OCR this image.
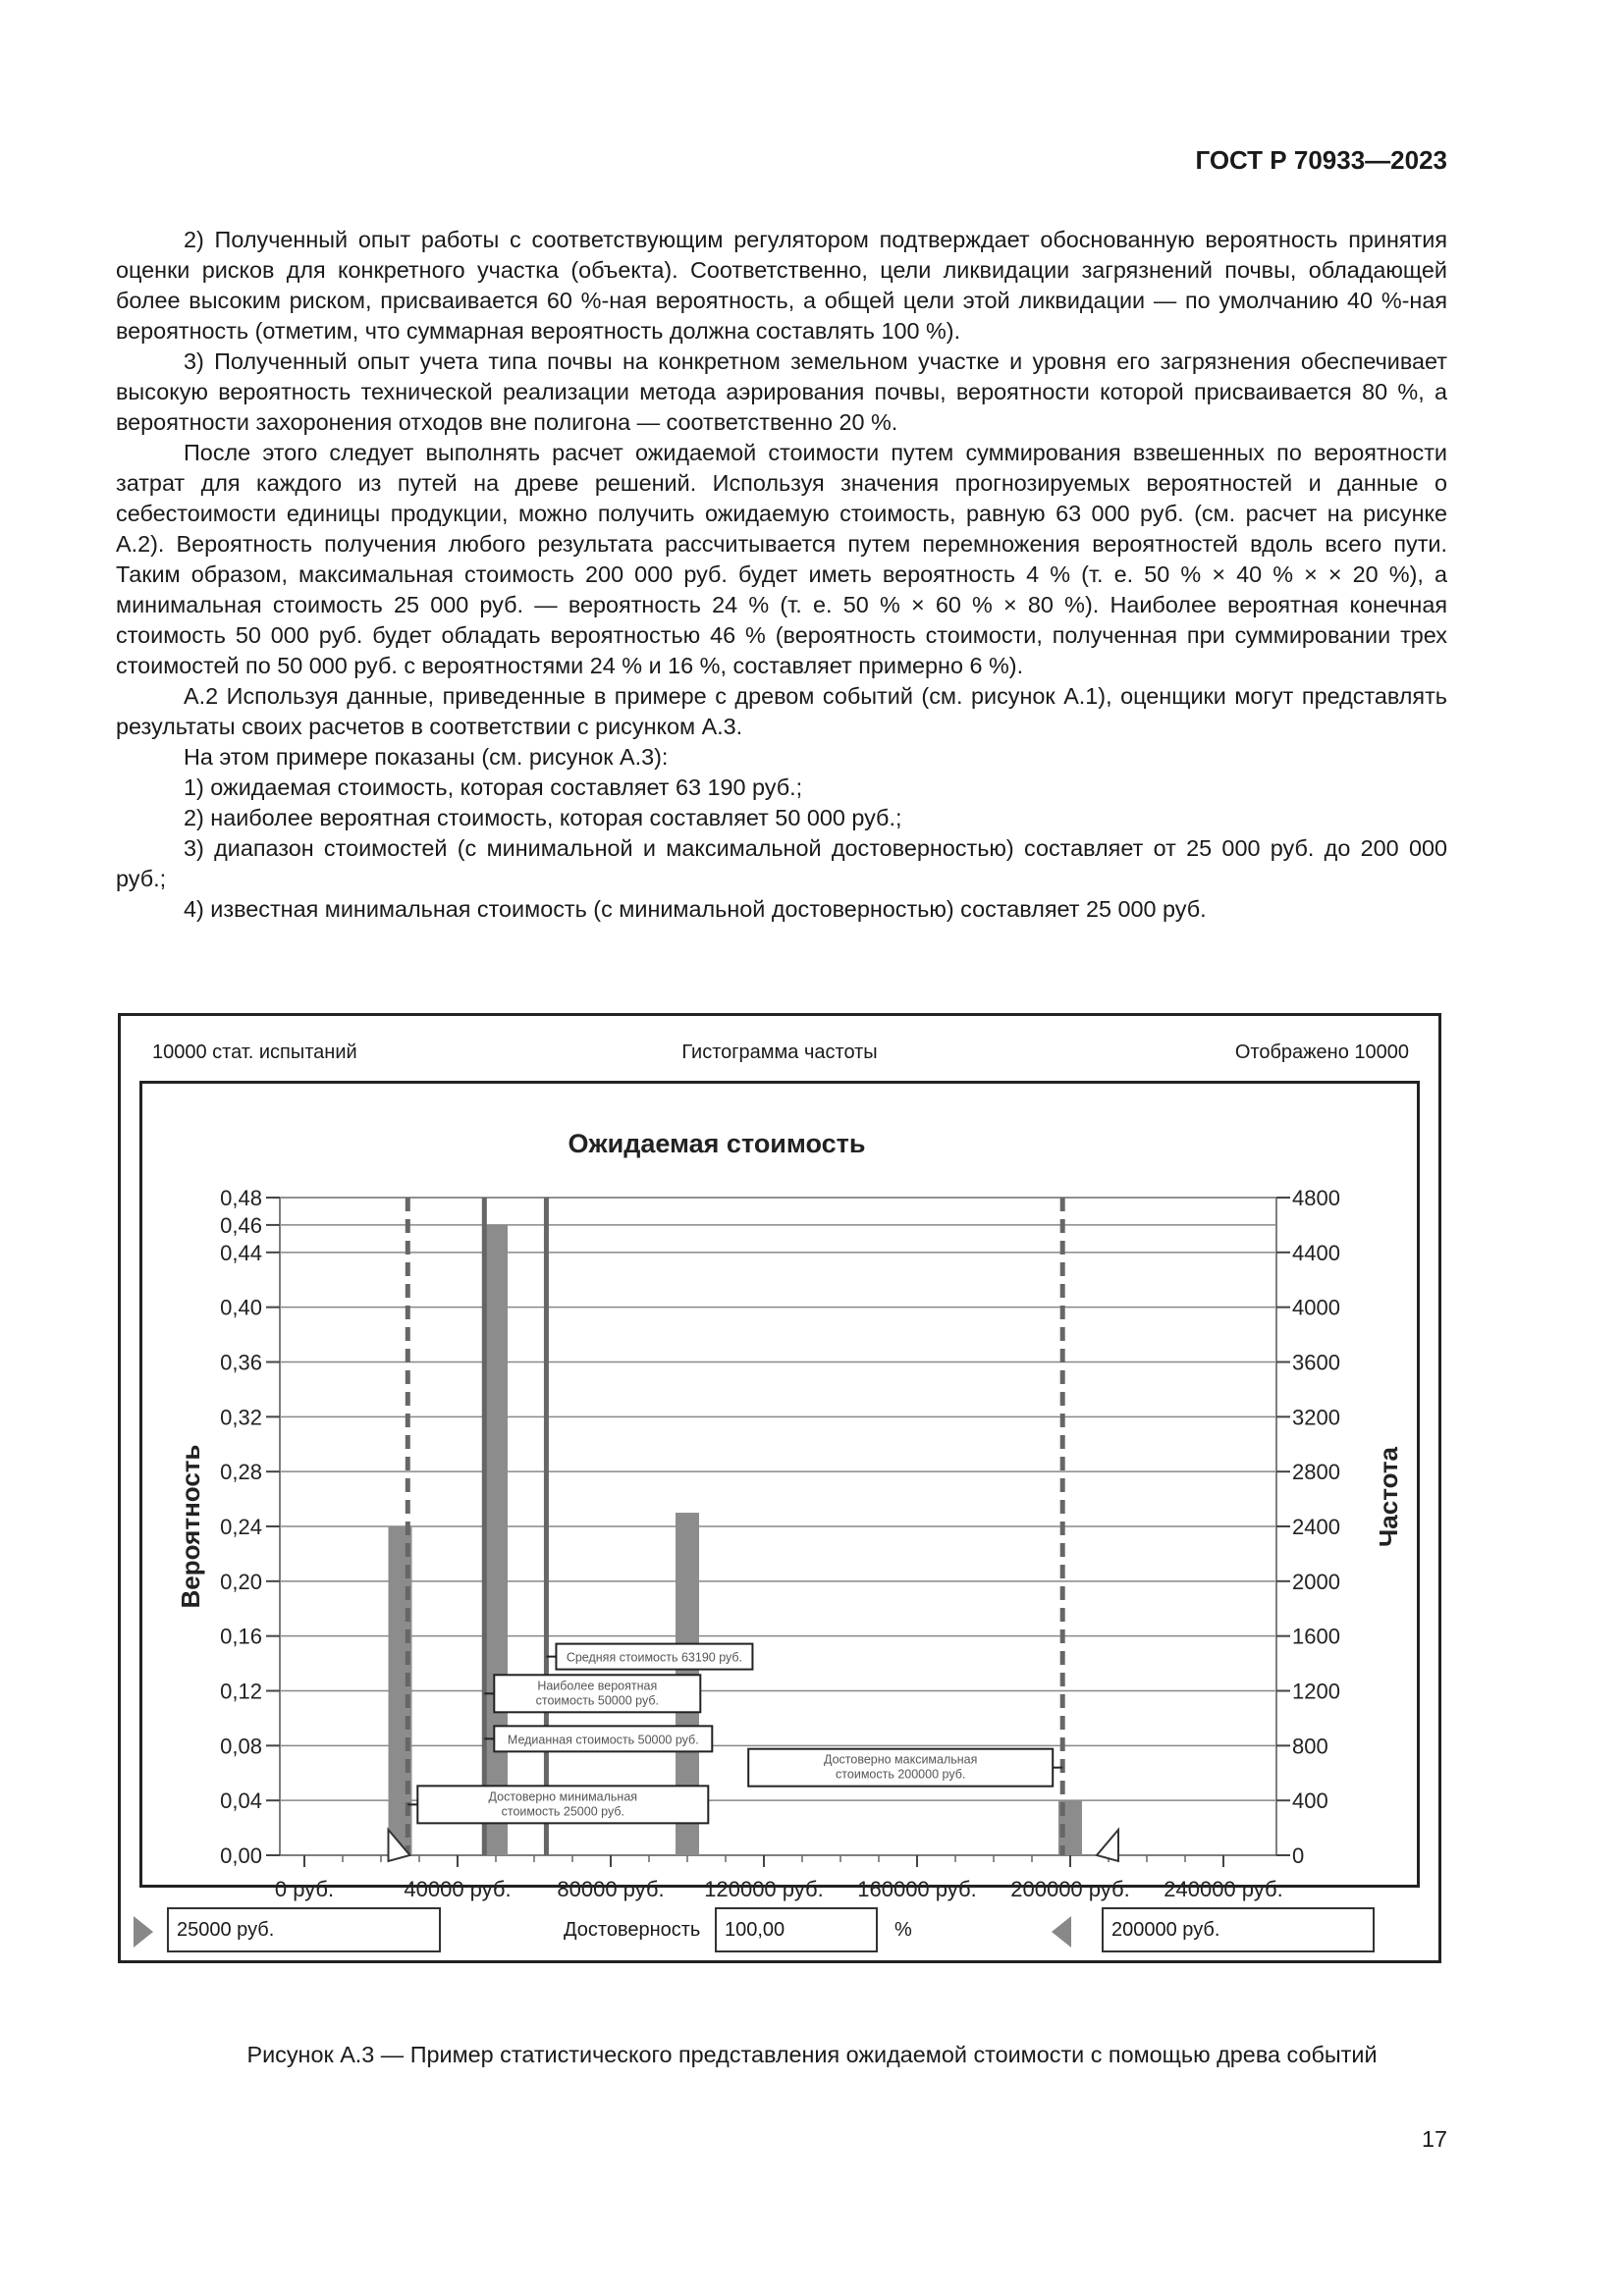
ГОСТ Р 70933—2023

2) Полученный опыт работы с соответствующим регулятором подтверждает обоснованную вероятность принятия оценки рисков для конкретного участка (объекта). Соответственно, цели ликвидации загрязнений почвы, обладающей более высоким риском, присваивается 60 %-ная вероятность, а общей цели этой ликвидации — по умолчанию 40 %-ная вероятность (отметим, что суммарная вероятность должна составлять 100 %).

3) Полученный опыт учета типа почвы на конкретном земельном участке и уровня его загрязнения обеспечивает высокую вероятность технической реализации метода аэрирования почвы, вероятности которой присваивается 80 %, а вероятности захоронения отходов вне полигона — соответственно 20 %.

После этого следует выполнять расчет ожидаемой стоимости путем суммирования взвешенных по вероятности затрат для каждого из путей на древе решений. Используя значения прогнозируемых вероятностей и данные о себестоимости единицы продукции, можно получить ожидаемую стоимость, равную 63 000 руб. (см. расчет на рисунке А.2). Вероятность получения любого результата рассчитывается путем перемножения вероятностей вдоль всего пути. Таким образом, максимальная стоимость 200 000 руб. будет иметь вероятность 4 % (т. е. 50 % × 40 % × × 20 %), а минимальная стоимость 25 000 руб. — вероятность 24 % (т. е. 50 % × 60 % × 80 %). Наиболее вероятная конечная стоимость 50 000 руб. будет обладать вероятностью 46 % (вероятность стоимости, полученная при суммировании трех стоимостей по 50 000 руб. с вероятностями 24 % и 16 %, составляет примерно 6 %).

А.2 Используя данные, приведенные в примере с древом событий (см. рисунок А.1), оценщики могут представлять результаты своих расчетов в соответствии с рисунком А.3.

На этом примере показаны (см. рисунок А.3):

1) ожидаемая стоимость, которая составляет 63 190 руб.;

2) наиболее вероятная стоимость, которая составляет 50 000 руб.;

3) диапазон стоимостей (с минимальной и максимальной достоверностью) составляет от 25 000 руб. до 200 000 руб.;

4) известная минимальная стоимость (с минимальной достоверностью) составляет 25 000 руб.

10000 стат. испытаний	Гистограмма частоты	Отображено 10000
Ожидаемая стоимость
0,00
0,04
0,08
0,12
0,16
0,20
0,24
0,28
0,32
0,36
0,40
0,44
0,46
0,48
0
400
800
1200
1600
2000
2400
2800
3200
3600
4000
4400
4800
0 руб.	40000 руб. 80000 руб. 120000 руб. 160000 руб. 200000 руб. 240000 руб.
Вероятность	Частота
Средняя стоимость 63190 руб.
Наиболее вероятная
стоимость 50000 руб.
Медианная стоимость 50000 руб.
Достоверно максимальная
стоимость 200000 руб.
Достоверно минимальная
стоимость 25000 руб.
25000 руб.	Достоверность	100,00	%	200000 руб.
Рисунок А.3 — Пример статистического представления ожидаемой стоимости с помощью древа событий
17
